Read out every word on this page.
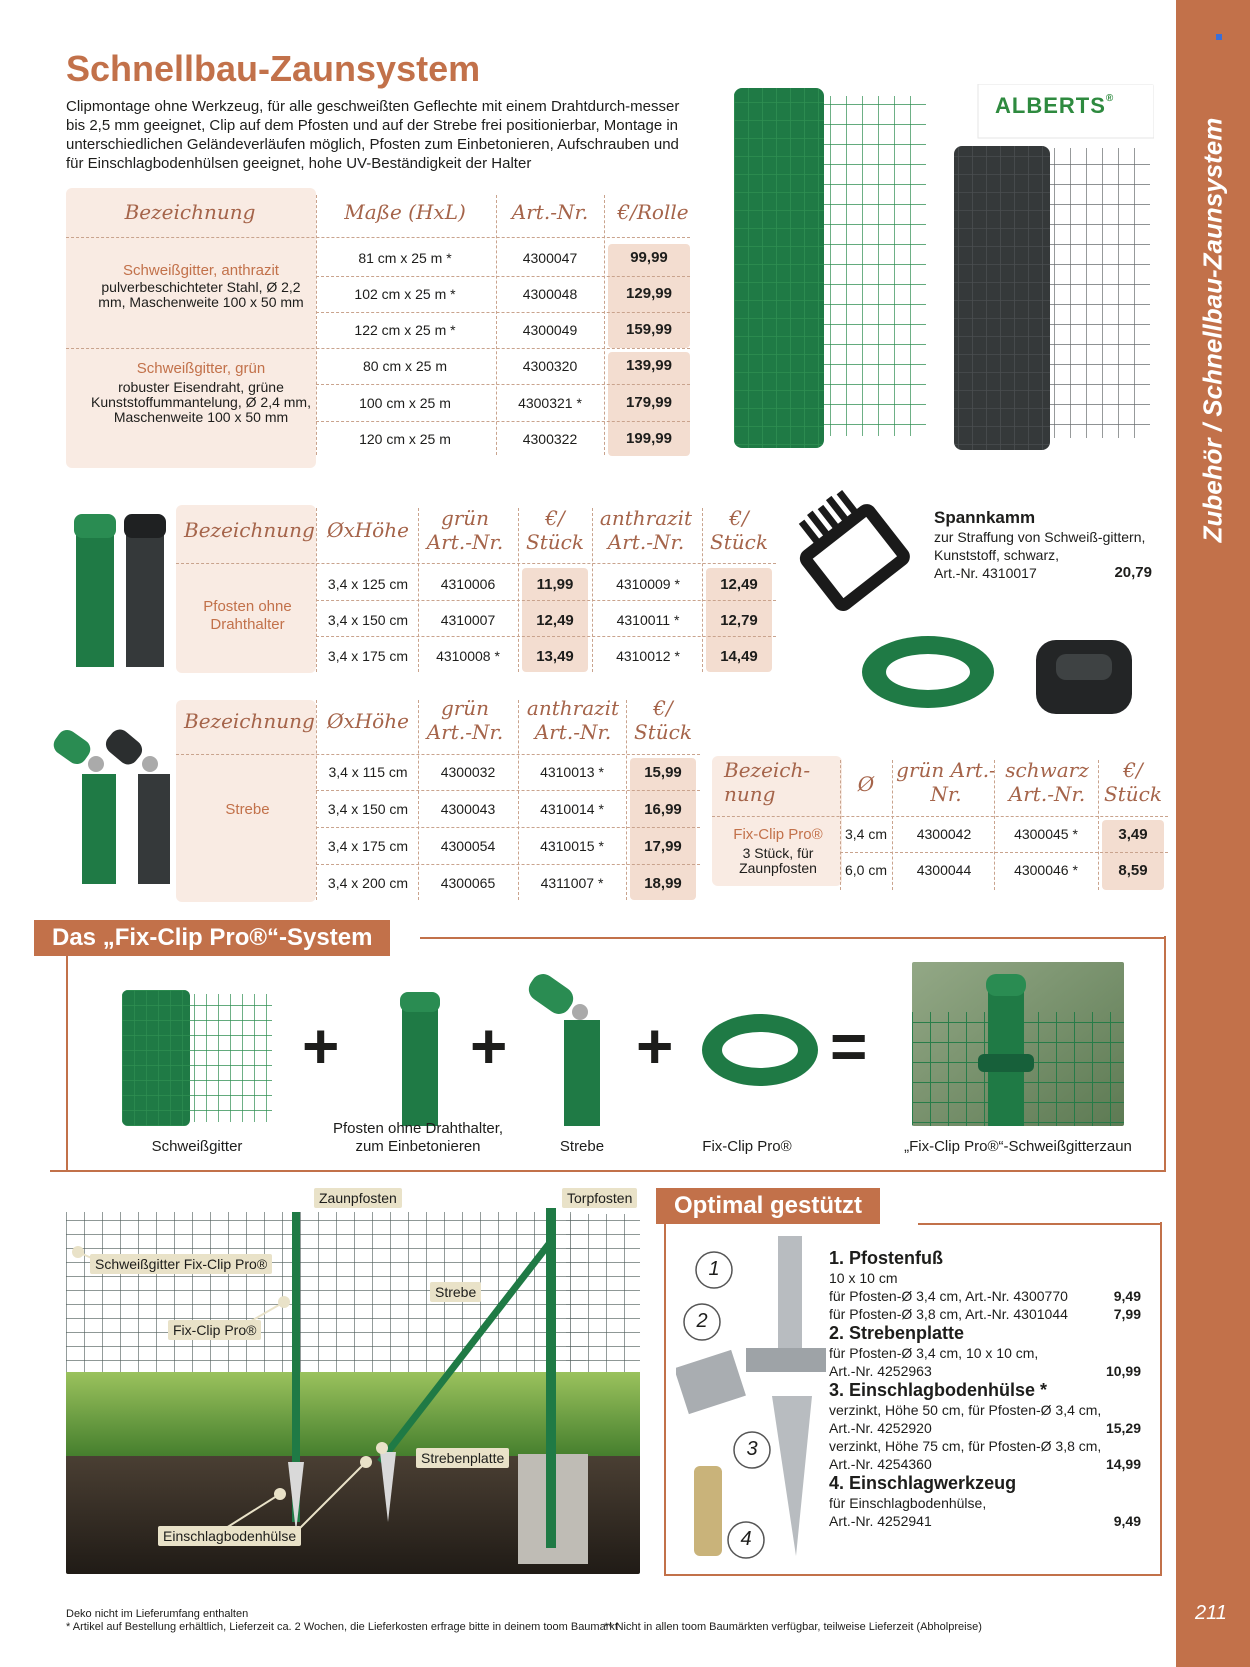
Zubehör / Schnellbau-Zaunsystem
211
Schnellbau-Zaunsystem
Clipmontage ohne Werkzeug, für alle geschweißten Geflechte mit einem Drahtdurch-messer bis 2,5 mm geeignet, Clip auf dem Pfosten und auf der Strebe frei positionierbar, Montage in unterschiedlichen Geländeverläufen möglich, Pfosten zum Einbetonieren, Aufschrauben und für Einschlagbodenhülsen geeignet, hohe UV-Beständigkeit der Halter
Bezeichnung	Maße (HxL)	Art.-Nr.	€/Rolle
Schweißgitter, anthrazit
pulverbeschichteter Stahl, Ø 2,2 mm, Maschenweite 100 x 50 mm
81 cm x 25 m *	4300047	99,99
102 cm x 25 m *	4300048	129,99
122 cm x 25 m *	4300049	159,99
Schweißgitter, grün
robuster Eisendraht, grüne Kunststoffummantelung, Ø 2,4 mm, Maschenweite 100 x 50 mm
80 cm x 25 m	4300320	139,99
100 cm x 25 m	4300321 *	179,99
120 cm x 25 m	4300322	199,99
ALBERTS®
Bezeichnung ØxHöhe	grün Art.-Nr.
€/ Stück
anthrazit Art.-Nr.
€/ Stück
Pfosten ohne Drahthalter
3,4 x 125 cm	4310006	11,99	4310009 *	12,49
3,4 x 150 cm	4310007	12,49	4310011 *	12,79
3,4 x 175 cm	4310008 *	13,49	4310012 *	14,49
Spannkamm
zur Straffung von Schweiß-gittern, Kunststoff, schwarz,
Art.-Nr. 4310017	20,79
Bezeichnung ØxHöhe
grün Art.-Nr.
anthrazit Art.-Nr.
€/ Stück
Strebe
3,4 x 115 cm	4300032	4310013 *	15,99
3,4 x 150 cm	4300043	4310014 *	16,99
3,4 x 175 cm	4300054	4310015 *	17,99
3,4 x 200 cm	4300065	4311007 *	18,99
Bezeich-nung	Ø
grün Art.-Nr.
schwarz Art.-Nr.
€/ Stück
Fix-Clip Pro®
3 Stück, für Zaunpfosten
3,4 cm	4300042	4300045 *	3,49
6,0 cm	4300044	4300046 *	8,59
Das „Fix-Clip Pro®“-System
+ + + =
Schweißgitter
Pfosten ohne Drahthalter, zum Einbetonieren	Strebe	Fix-Clip Pro®	„Fix-Clip Pro®“-Schweißgitterzaun
Zaunpfosten	Torpfosten
Schweißgitter Fix-Clip Pro®
Strebe
Fix-Clip Pro®
Strebenplatte
Einschlagbodenhülse
Optimal gestützt
1
2
3
4
1. Pfostenfuß
10 x 10 cm
für Pfosten-Ø 3,4 cm, Art.-Nr. 4300770	9,49
für Pfosten-Ø 3,8 cm, Art.-Nr. 4301044	7,99
2. Strebenplatte
für Pfosten-Ø 3,4 cm, 10 x 10 cm,
Art.-Nr. 4252963	10,99
3. Einschlagbodenhülse *
verzinkt, Höhe 50 cm, für Pfosten-Ø 3,4 cm,
Art.-Nr. 4252920	15,29
verzinkt, Höhe 75 cm, für Pfosten-Ø 3,8 cm,
Art.-Nr. 4254360	14,99
4. Einschlagwerkzeug
für Einschlagbodenhülse,
Art.-Nr. 4252941	9,49
Deko nicht im Lieferumfang enthalten
* Artikel auf Bestellung erhältlich, Lieferzeit ca. 2 Wochen, die Lieferkosten erfrage bitte in deinem toom Baumarkt
** Nicht in allen toom Baumärkten verfügbar, teilweise Lieferzeit (Abholpreise)
